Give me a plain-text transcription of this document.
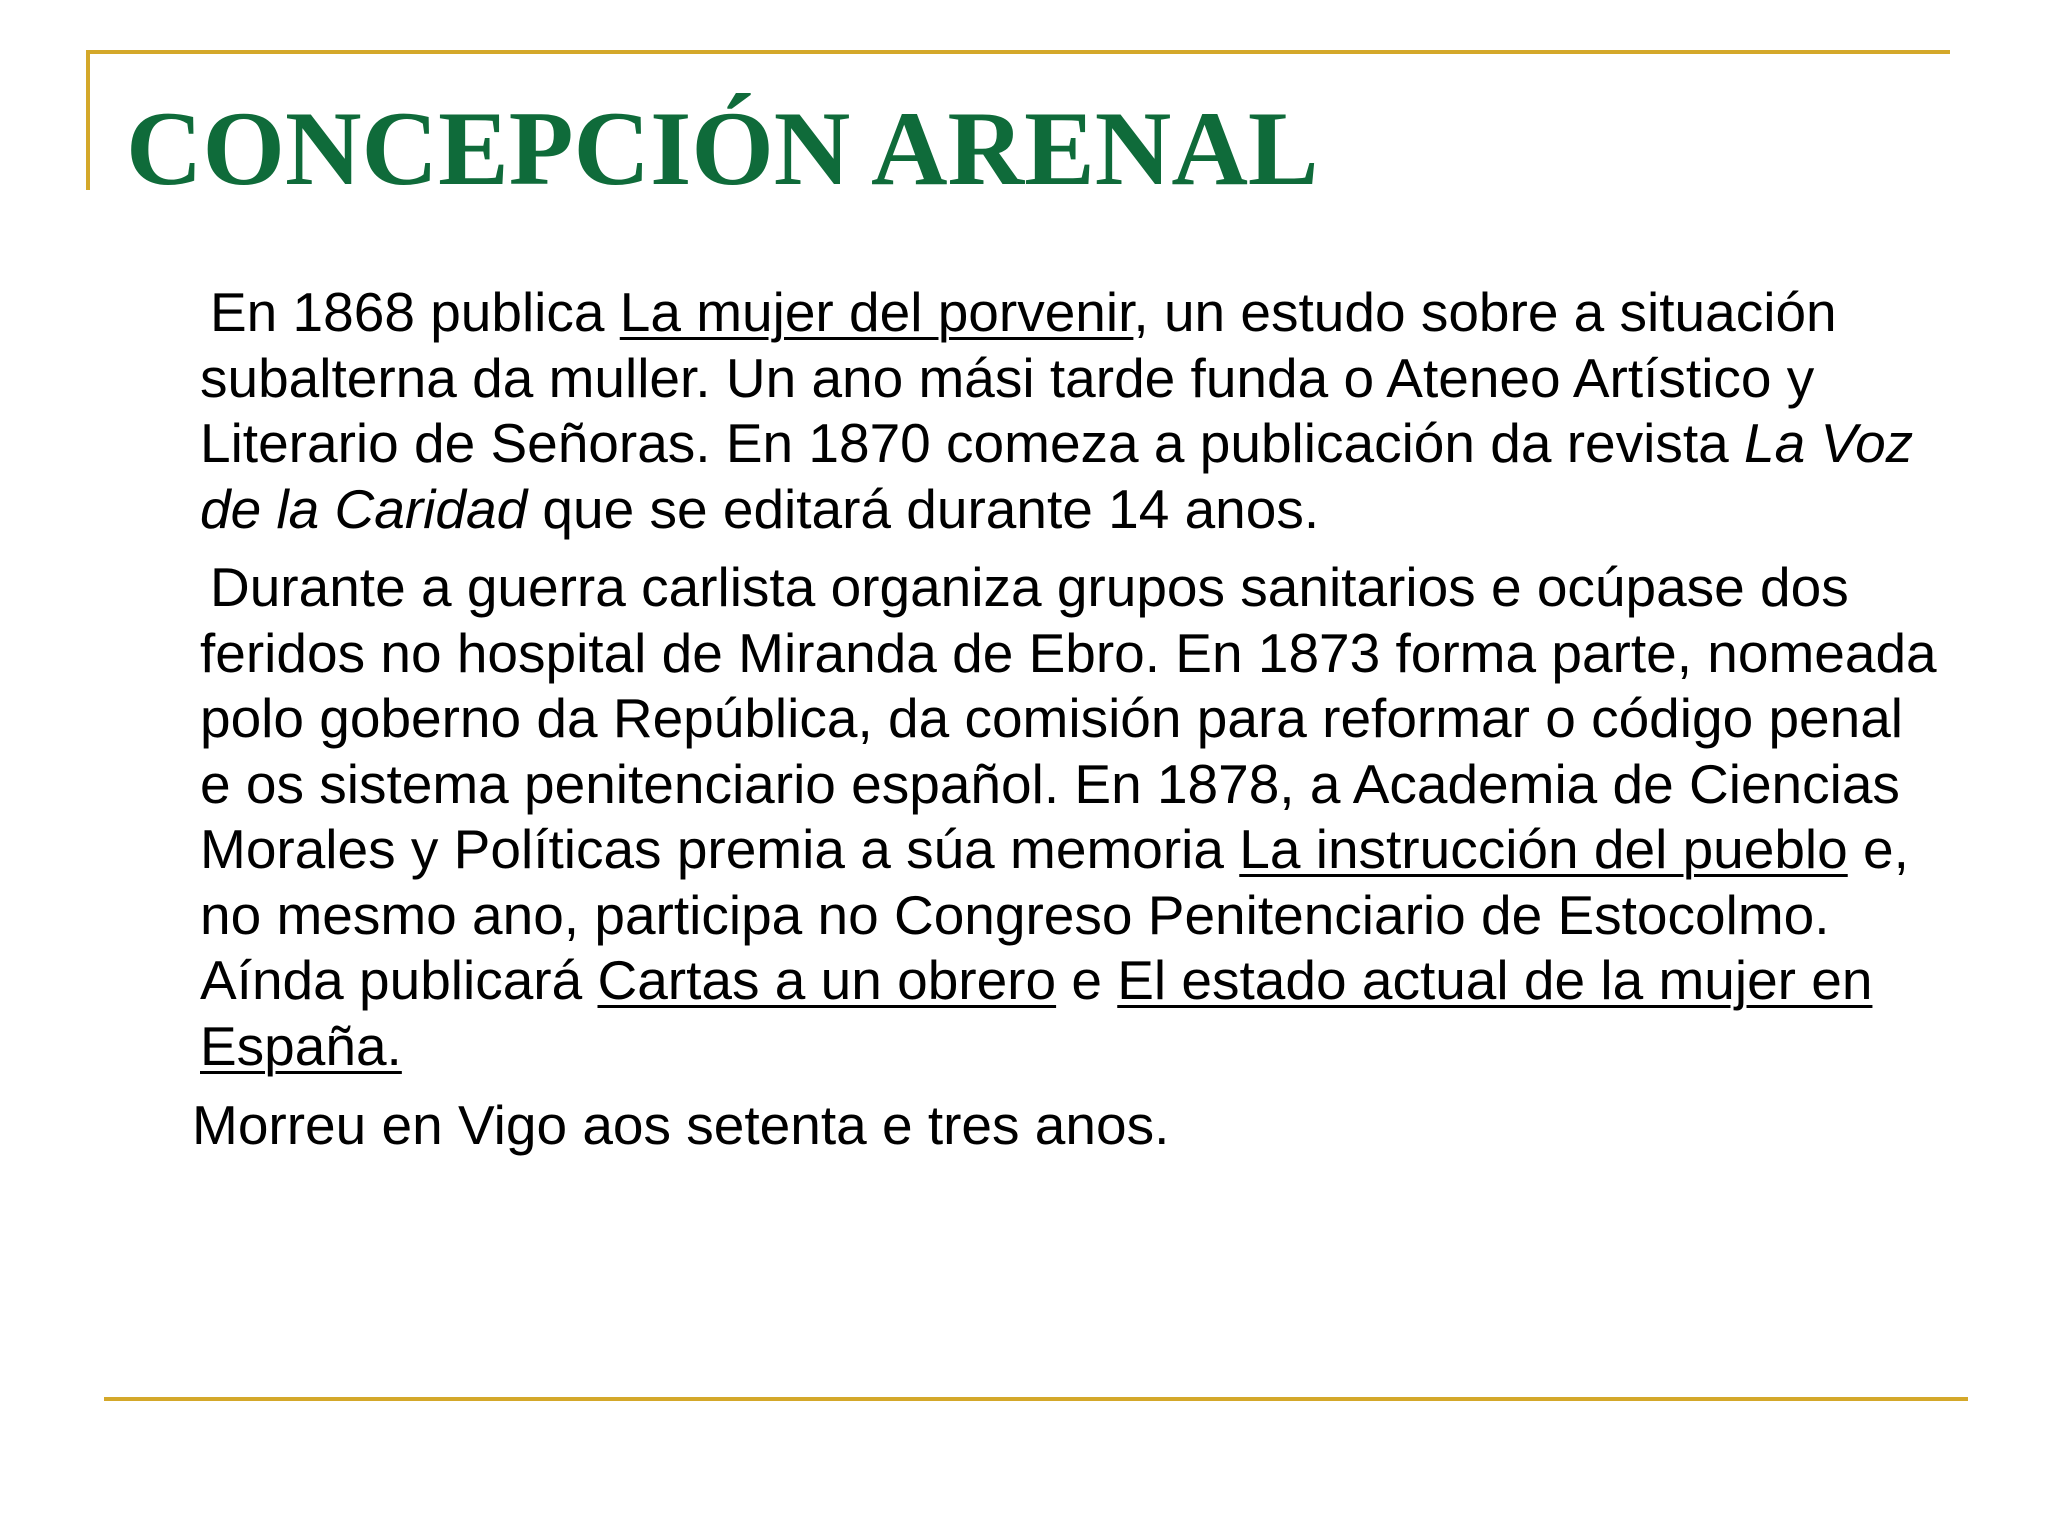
CONCEPCIÓN ARENAL

En 1868 publica La mujer del porvenir, un estudo sobre a situación subalterna da muller. Un ano mási tarde funda o Ateneo Artístico y Literario de Señoras. En 1870 comeza a publicación da revista La Voz de la Caridad que se editará durante 14 anos.

Durante a guerra carlista organiza grupos sanitarios e ocúpase dos feridos no hospital de Miranda de Ebro. En 1873 forma parte, nomeada polo goberno da República, da comisión para reformar o código penal e os sistema penitenciario español. En 1878, a Academia de Ciencias Morales y Políticas premia a súa memoria La instrucción del pueblo e, no mesmo ano, participa no Congreso Penitenciario de Estocolmo. Aínda publicará Cartas a un obrero e El estado actual de la mujer en España.

Morreu en Vigo aos setenta e tres anos.
